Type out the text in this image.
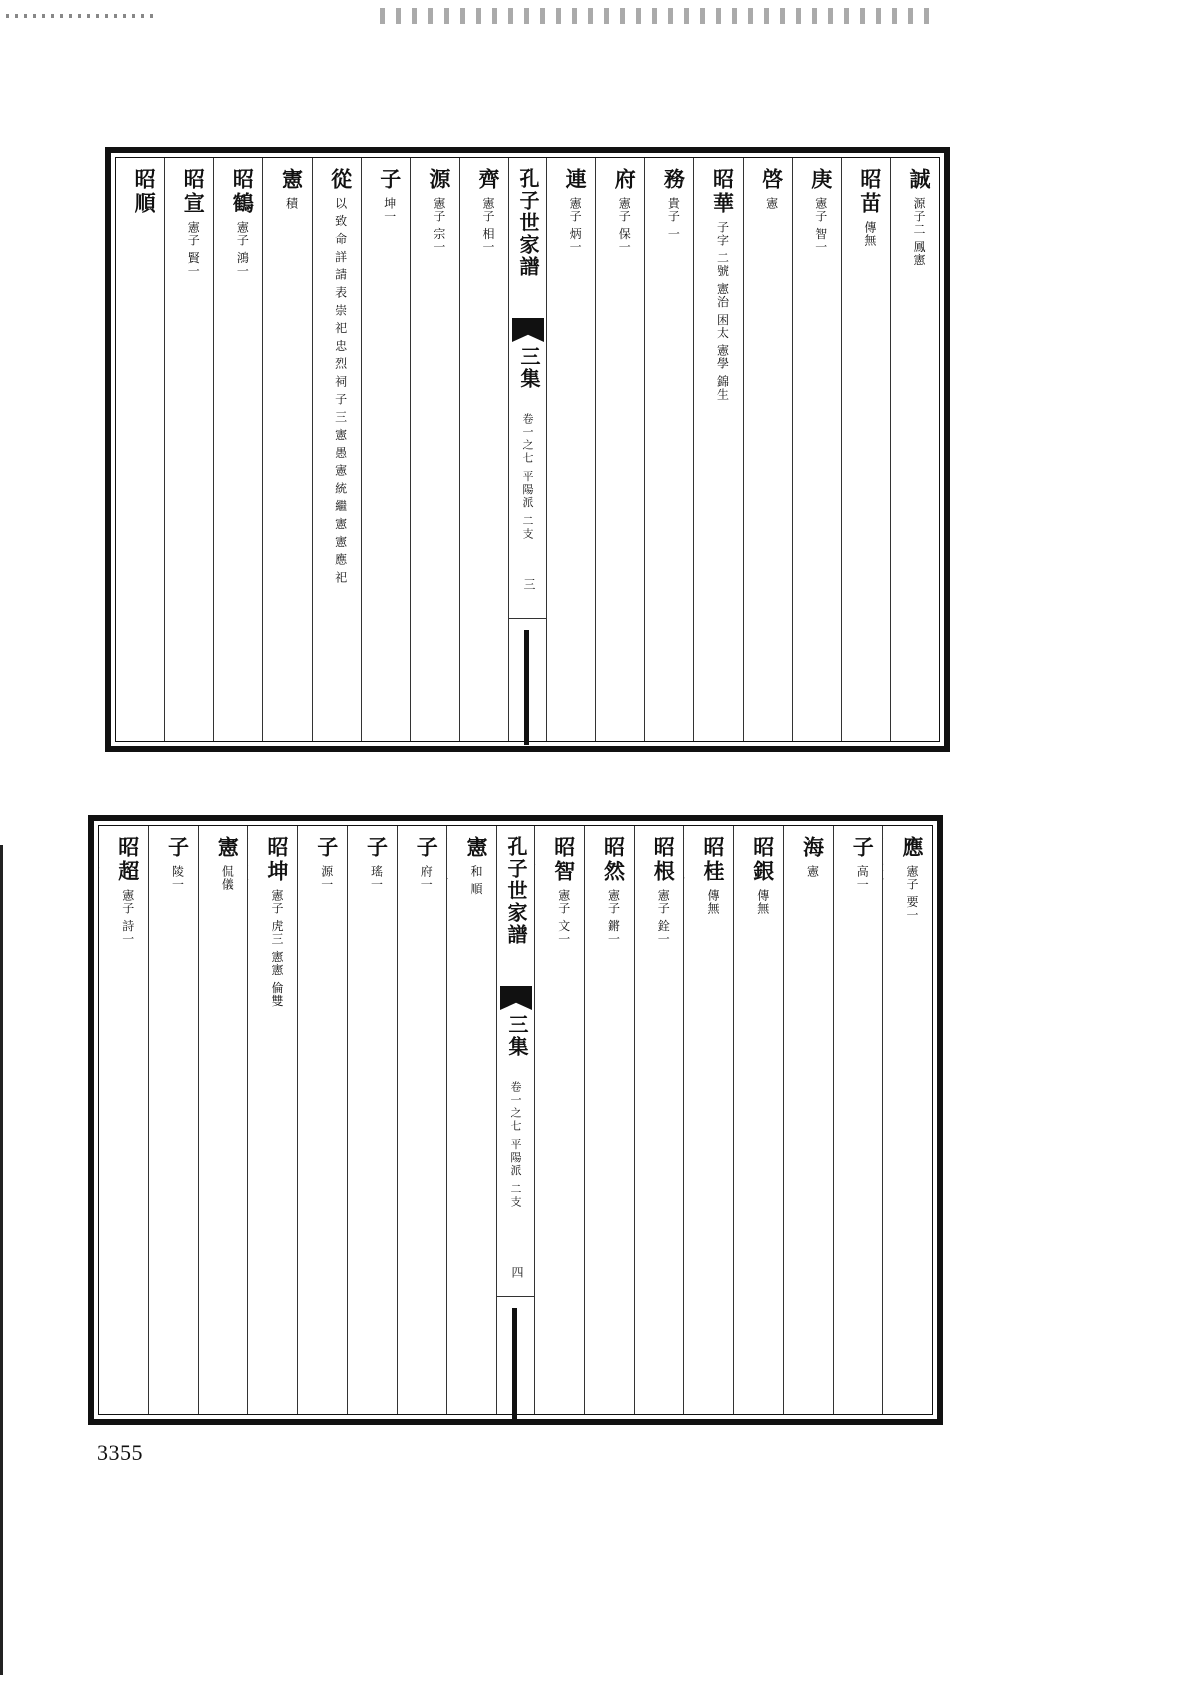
誠 源子二 鳳憲
昭講
昭苗 傳無
昭化
庚 憲子 智一
昭義
啓 憲
昭林
昭華 子字 二號 憲治 困太 憲學 錦生
昭蘭
務 貴子 一
昭文
府 憲子 保一
昭太
連 憲子 炳一
昭長
孔子世家譜
三集
卷一之七 平陽派 二支
三
齊 憲子 相一
昭達
源 憲子 宗一
昭乾
子 坤一
昭德
從 以 致 命 詳 請 表 崇 祀 忠 烈 祠 子 三 憲 愚 憲 統 繼 憲 憲 應 祀
昭漢
憲 積
昭訓
昭鶴 憲子 鴻一
昭和
昭宣 憲子 賢一
昭奎
昭順
應 憲子 要一
昭庚
子 高一
昭聚
海 憲
昭純
昭銀 傳無
昭耀
昭桂 傳無
昭來
昭根 憲子 銓一
昭祥
昭然 憲子 鏘一
昭仁
昭智 憲子 文一
昭信
孔子世家譜
三集
卷一之七 平陽派 二支
四
憲 和 順
昭起
子 府一
昭孟
子 瑤一
昭欽
子 源一
昭增
昭坤 憲子 虎三 憲憲 倫雙
昭成
憲 侃儀
昭柏
子 陵一
昭譜
昭超 憲子 詩一
3355
